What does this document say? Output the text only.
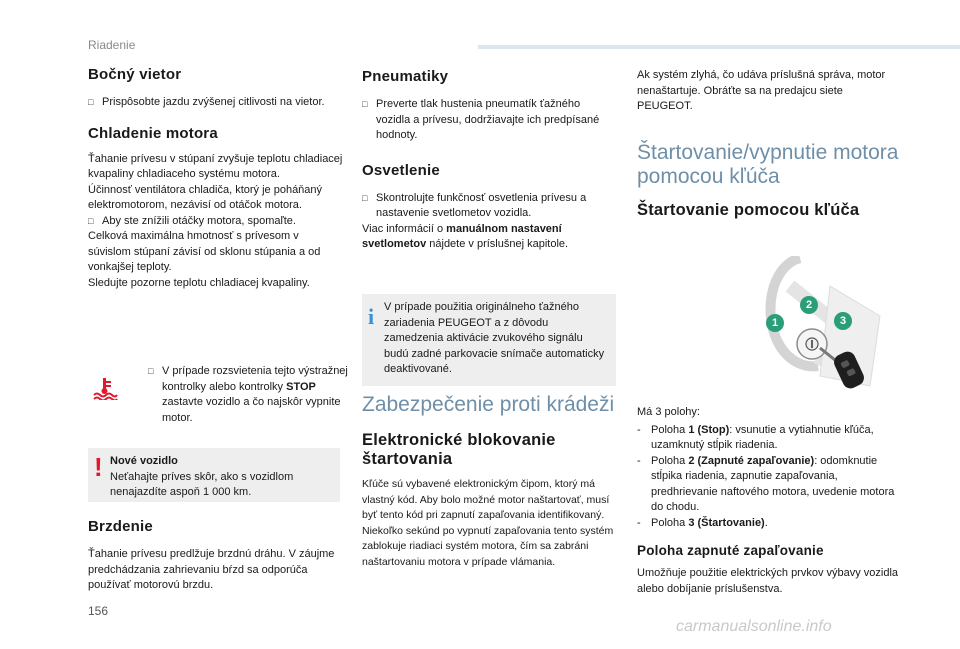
Riadenie
Bočný vietor

□ Prispôsobte jazdu zvýšenej citlivosti na vietor.

Chladenie motora

Ťahanie prívesu v stúpaní zvyšuje teplotu chladiacej kvapaliny chladiaceho systému motora.

Účinnosť ventilátora chladiča, ktorý je poháňaný elektromotorom, nezávisí od otáčok motora.

□ Aby ste znížili otáčky motora, spomaľte.

Celková maximálna hmotnosť s prívesom v súvislom stúpaní závisí od sklonu stúpania a od vonkajšej teploty.

Sledujte pozorne teplotu chladiacej kvapaliny.

□ V prípade rozsvietenia tejto výstražnej kontrolky alebo kontrolky STOP zastavte vozidlo a čo najskôr vypnite motor.

! Nové vozidlo

Neťahajte príves skôr, ako s vozidlom nenajazdíte aspoň 1 000 km.

Brzdenie

Ťahanie prívesu predlžuje brzdnú dráhu. V záujme predchádzania zahrievaniu bŕzd sa odporúča používať motorovú brzdu.

Pneumatiky

□ Preverte tlak hustenia pneumatík ťažného vozidla a prívesu, dodržiavajte ich predpísané hodnoty.

Osvetlenie

□ Skontrolujte funkčnosť osvetlenia prívesu a nastavenie svetlometov vozidla.

Viac informácií o manuálnom nastavení svetlometov nájdete v príslušnej kapitole.

i V prípade použitia originálneho ťažného zariadenia PEUGEOT a z dôvodu zamedzenia aktivácie zvukového signálu budú zadné parkovacie snímače automaticky deaktivované.

Zabezpečenie proti krádeži
Elektronické blokovanie štartovania

Kľúče sú vybavené elektronickým čipom, ktorý má vlastný kód. Aby bolo možné motor naštartovať, musí byť tento kód pri zapnutí zapaľovania identifikovaný. Niekoľko sekúnd po vypnutí zapaľovania tento systém zablokuje riadiaci systém motora, čím sa zabráni naštartovaniu motora v prípade vlámania.

Ak systém zlyhá, čo udáva príslušná správa, motor nenaštartuje. Obráťte sa na predajcu siete PEUGEOT.

Štartovanie/vypnutie motora pomocou kľúča
Štartovanie pomocou kľúča
1
2
3

Má 3 polohy:

- Poloha 1 (Stop): vsunutie a vytiahnutie kľúča, uzamknutý stĺpik riadenia.

- Poloha 2 (Zapnuté zapaľovanie): odomknutie stĺpika riadenia, zapnutie zapaľovania, predhrievanie naftového motora, uvedenie motora do chodu.

- Poloha 3 (Štartovanie).

Poloha zapnuté zapaľovanie

Umožňuje použitie elektrických prvkov výbavy vozidla alebo dobíjanie príslušenstva.

156
carmanualsonline.info
